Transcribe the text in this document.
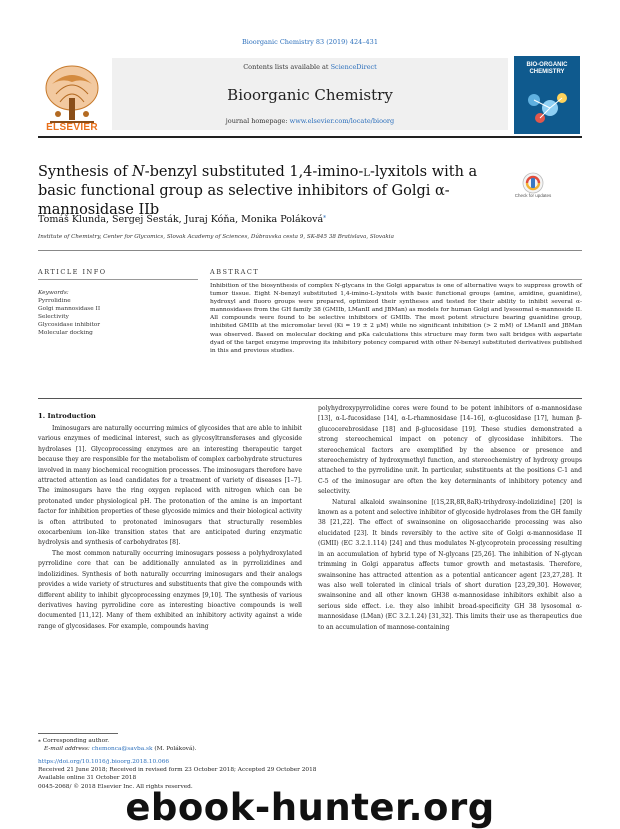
Bioorganic Chemistry 83 (2019) 424–431
ELSEVIER
Contents lists available at ScienceDirect
Bioorganic Chemistry
journal homepage: www.elsevier.com/locate/bioorg
BIO-ORGANIC CHEMISTRY
Synthesis of N-benzyl substituted 1,4-imino-l-lyxitols with a basic functional group as selective inhibitors of Golgi α-mannosidase IIb
Check for updates
Tomáš Klunda, Sergej Šesták, Juraj Kóňa, Monika Poláková⁎
Institute of Chemistry, Center for Glycomics, Slovak Academy of Sciences, Dúbravska cesta 9, SK-845 38 Bratislava, Slovakia
ARTICLE INFO
Keywords:
Pyrrolidine
Golgi mannosidase II
Selectivity
Glycosidase inhibitor
Molecular docking
ABSTRACT
Inhibition of the biosynthesis of complex N-glycans in the Golgi apparatus is one of alternative ways to suppress growth of tumor tissue. Eight N-benzyl substituted 1,4-imino-L-lyxitols with basic functional groups (amine, amidine, guanidine), hydroxyl and fluoro groups were prepared, optimized their syntheses and tested for their ability to inhibit several α-mannosidases from the GH family 38 (GMIIb, LManII and JBMan) as models for human Golgi and lysosomal α-mannoside II. All compounds were found to be selective inhibitors of GMIIb. The most potent structure bearing guanidine group, inhibited GMIIb at the micromolar level (Ki = 19 ± 2 μM) while no significant inhibition (> 2 mM) of LManII and JBMan was observed. Based on molecular docking and pKa calculations this structure may form two salt bridges with aspartate dyad of the target enzyme improving its inhibitory potency compared with other N-benzyl substituted derivatives published in this and previous studies.
1. Introduction

Iminosugars are naturally occurring mimics of glycosides that are able to inhibit various enzymes of medicinal interest, such as glycosyltransferases and glycoside hydrolases [1]. Glycoprocessing enzymes are an interesting therapeutic target because they are responsible for the metabolism of complex carbohydrate structures involved in many biochemical recognition processes. The iminosugars therefore have attracted attention as lead candidates for a treatment of variety of diseases [1–7]. The iminosugars have the ring oxygen replaced with nitrogen which can be protonated under physiological pH. The protonation of the amine is an important factor for inhibition properties of these glycoside mimics and their biological activity is often attributed to protonated iminosugars that structurally resembles oxocarbenium ion-like transition states that are anticipated during enzymatic hydrolysis and synthesis of carbohydrates [8].

The most common naturally occurring iminosugars possess a polyhydroxylated pyrrolidine core that can be additionally annulated as in pyrrolizidines and indolizidines. Synthesis of both naturally occurring iminosugars and their analogs provides a wide variety of structures and substituents that give the compounds with different ability to inhibit glycoprocessing enzymes [9,10]. The synthesis of various derivatives having pyrrolidine core as interesting bioactive compounds is well documented [11,12]. Many of them exhibited an inhibitory activity against a wide range of glycosidases. For example, compounds having

polyhydroxypyrrolidine cores were found to be potent inhibitors of α-mannosidase [13], α-L-fucosidase [14], α-L-rhamnosidase [14–16], α-glucosidase [17], human β-glucocerebrosidase [18] and β-glucosidase [19]. These studies demonstrated a strong stereochemical impact on potency of glycosidase inhibitors. The stereochemical factors are exemplified by the absence or presence and stereochemistry of hydroxymethyl function, and stereochemistry of hydroxy groups attached to the pyrrolidine unit. In particular, substituents at the positions C-1 and C-5 of the iminosugar are often the key determinants of inhibitory potency and selectivity.

Natural alkaloid swainsonine [(1S,2R,8R,8aR)-trihydroxy-indolizidine] [20] is known as a potent and selective inhibitor of glycoside hydrolases from the GH family 38 [21,22]. The effect of swainsonine on oligosaccharide processing was also elucidated [23]. It binds reversibly to the active site of Golgi α-mannosidase II (GMII) (EC 3.2.1.114) [24] and thus modulates N-glycoprotein processing resulting in an accumulation of hybrid type of N-glycans [25,26]. The inhibition of N-glycan trimming in Golgi apparatus affects tumor growth and metastasis. Therefore, swainsonine has attracted attention as a potential anticancer agent [23,27,28]. It was also well tolerated in clinical trials of short duration [23,29,30]. However, swainsonine and all other known GH38 α-mannosidase inhibitors exhibit also a serious side effect. i.e. they also inhibit broad-specificity GH 38 lysosomal α-mannosidase (LMan) (EC 3.2.1.24) [31,32]. This limits their use as therapeutics due to an accumulation of mannose-containing

⁎ Corresponding author.
E-mail address: chemonca@savba.sk (M. Poláková).
https://doi.org/10.1016/j.bioorg.2018.10.066
Received 21 June 2018; Received in revised form 23 October 2018; Accepted 29 October 2018
Available online 31 October 2018
0045-2068/ © 2018 Elsevier Inc. All rights reserved.
ebook-hunter.org
